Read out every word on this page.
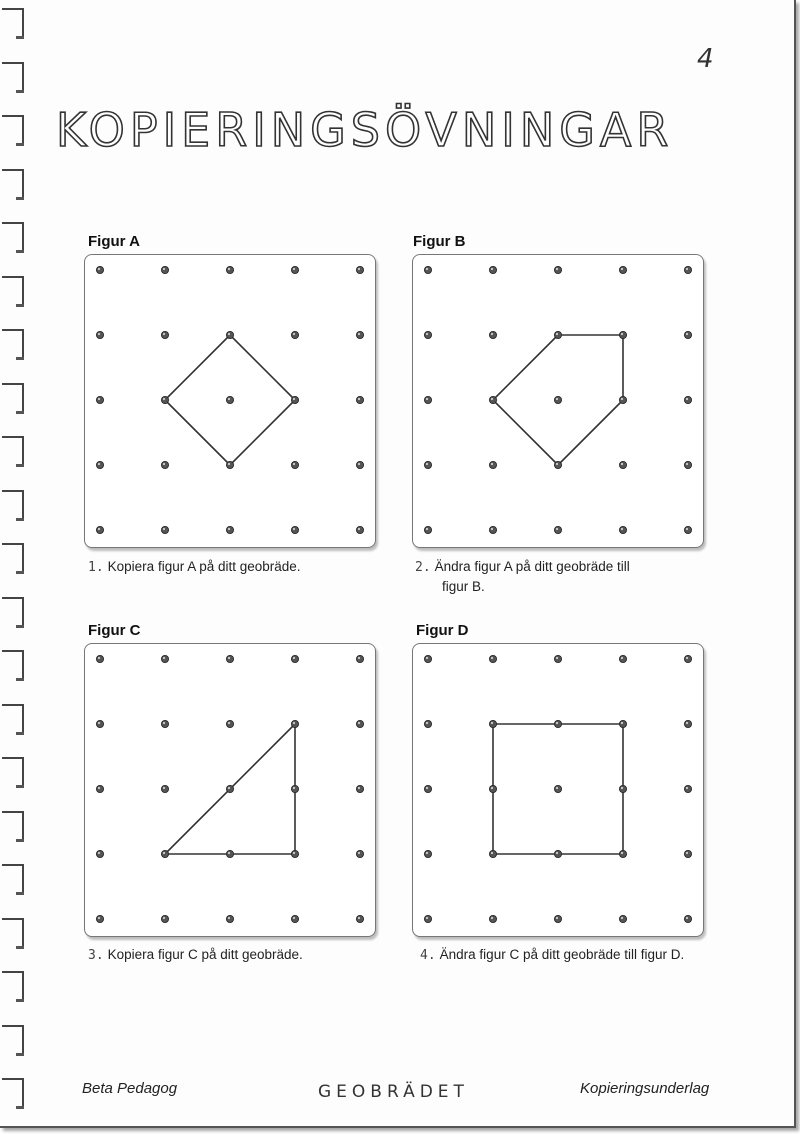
4
KOPIERINGSÖVNINGAR
Figur A
1. Kopiera figur A på ditt geobräde.
Figur B
2. Ändra figur A på ditt geobräde till
figur B.
Figur C
3. Kopiera figur C på ditt geobräde.
Figur D
4. Ändra figur C på ditt geobräde till figur D.
Beta Pedagog	GEOBRÄDET	Kopieringsunderlag
